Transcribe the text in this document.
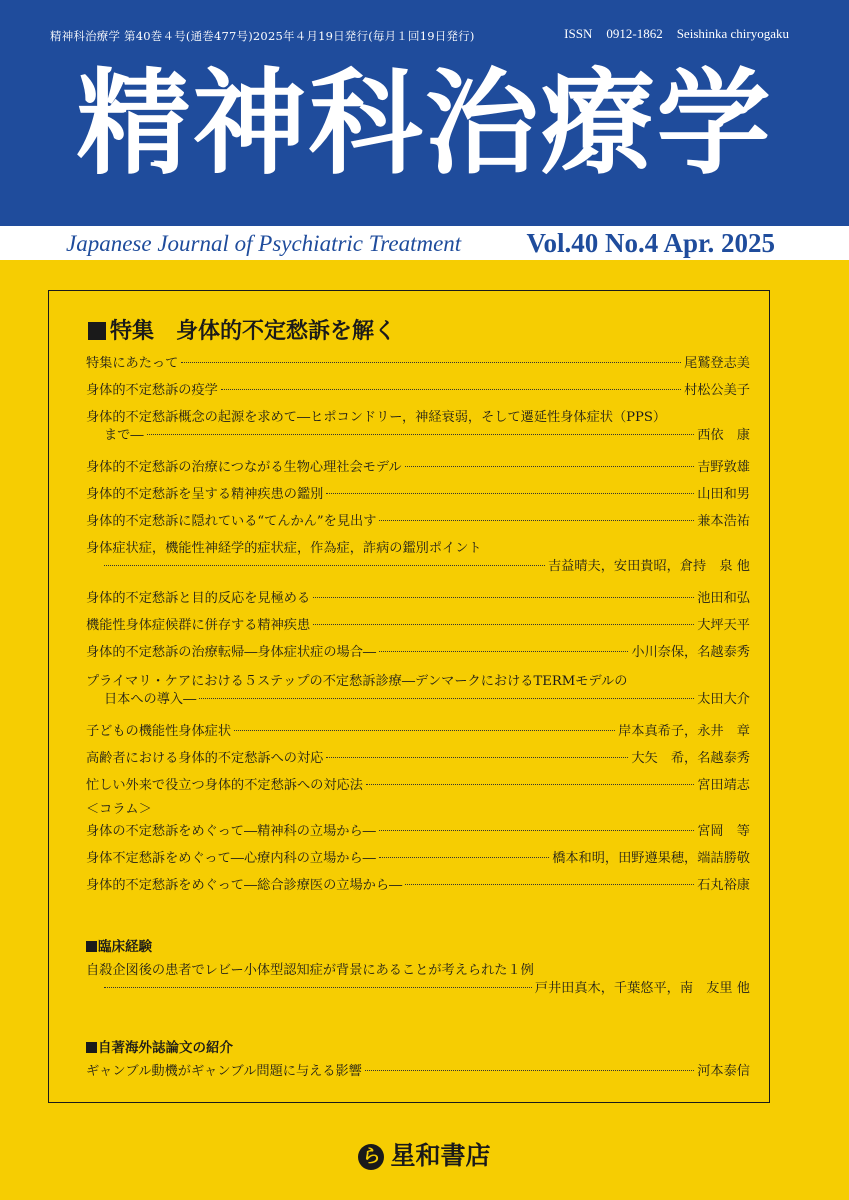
精神科治療学 第40巻４号(通巻477号)2025年４月19日発行(毎月１回19日発行)	ISSN 0912-1862 Seishinka chiryogaku
精神科治療学
Japanese Journal of Psychiatric Treatment Vol.40 No.4 Apr. 2025
特集 身体的不定愁訴を解く
特集にあたって	尾鷲登志美
身体的不定愁訴の疫学	村松公美子
身体的不定愁訴概念の起源を求めて―ヒポコンドリー，神経衰弱，そして遷延性身体症状（PPS）
まで―	西依　康
身体的不定愁訴の治療につながる生物心理社会モデル	吉野敦雄
身体的不定愁訴を呈する精神疾患の鑑別	山田和男
身体的不定愁訴に隠れている“てんかん”を見出す	兼本浩祐
身体症状症，機能性神経学的症状症，作為症，詐病の鑑別ポイント
吉益晴夫，安田貴昭，倉持　泉 他
身体的不定愁訴と目的反応を見極める	池田和弘
機能性身体症候群に併存する精神疾患	大坪天平
身体的不定愁訴の治療転帰―身体症状症の場合―	小川奈保，名越泰秀
プライマリ・ケアにおける５ステップの不定愁訴診療―デンマークにおけるTERMモデルの
日本への導入―	太田大介
子どもの機能性身体症状	岸本真希子，永井　章
高齢者における身体的不定愁訴への対応	大矢　希，名越泰秀
忙しい外来で役立つ身体的不定愁訴への対応法	宮田靖志
＜コラム＞
身体の不定愁訴をめぐって―精神科の立場から―	宮岡　等
身体不定愁訴をめぐって―心療内科の立場から―	橋本和明，田野遵果穂，端詰勝敬
身体的不定愁訴をめぐって―総合診療医の立場から―	石丸裕康
臨床経験
自殺企図後の患者でレビー小体型認知症が背景にあることが考えられた１例
戸井田真木，千葉悠平，南　友里 他
自著海外誌論文の紹介
ギャンブル動機がギャンブル問題に与える影響	河本泰信
ら 星和書店
